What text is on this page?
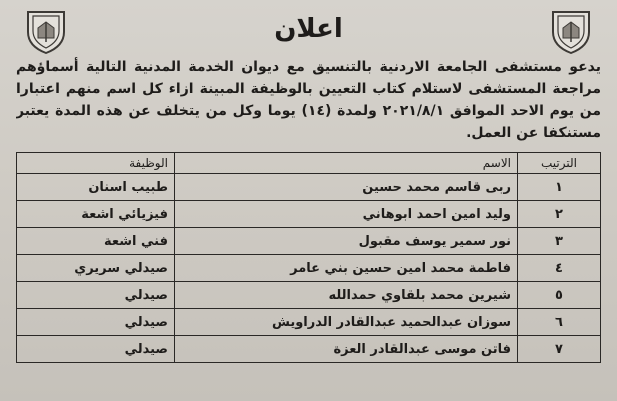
اعلان

يدعو مستشفى الجامعة الاردنية بالتنسيق مع ديوان الخدمة المدنية التالية أسماؤهم مراجعة المستشفى لاستلام كتاب التعيين بالوظيفة المبينة ازاء كل اسم منهم اعتبارا من يوم الاحد الموافق ٢٠٢١/٨/١ ولمدة (١٤) يوما وكل من يتخلف عن هذه المدة يعتبر مستنكفا عن العمل.

الترتيب	الاسم	الوظيفة
١	ربى قاسم محمد حسين	طبيب اسنان
٢	وليد امين احمد ابوهاني	فيزيائي اشعة
٣	نور سمير يوسف مقبول	فني اشعة
٤	فاطمة محمد امين حسين بني عامر	صيدلي سريري
٥	شيرين محمد بلقاوي حمدالله	صيدلي
٦	سوزان عبدالحميد عبدالقادر الدراويش	صيدلي
٧	فاتن موسى عبدالقادر العزة	صيدلي
